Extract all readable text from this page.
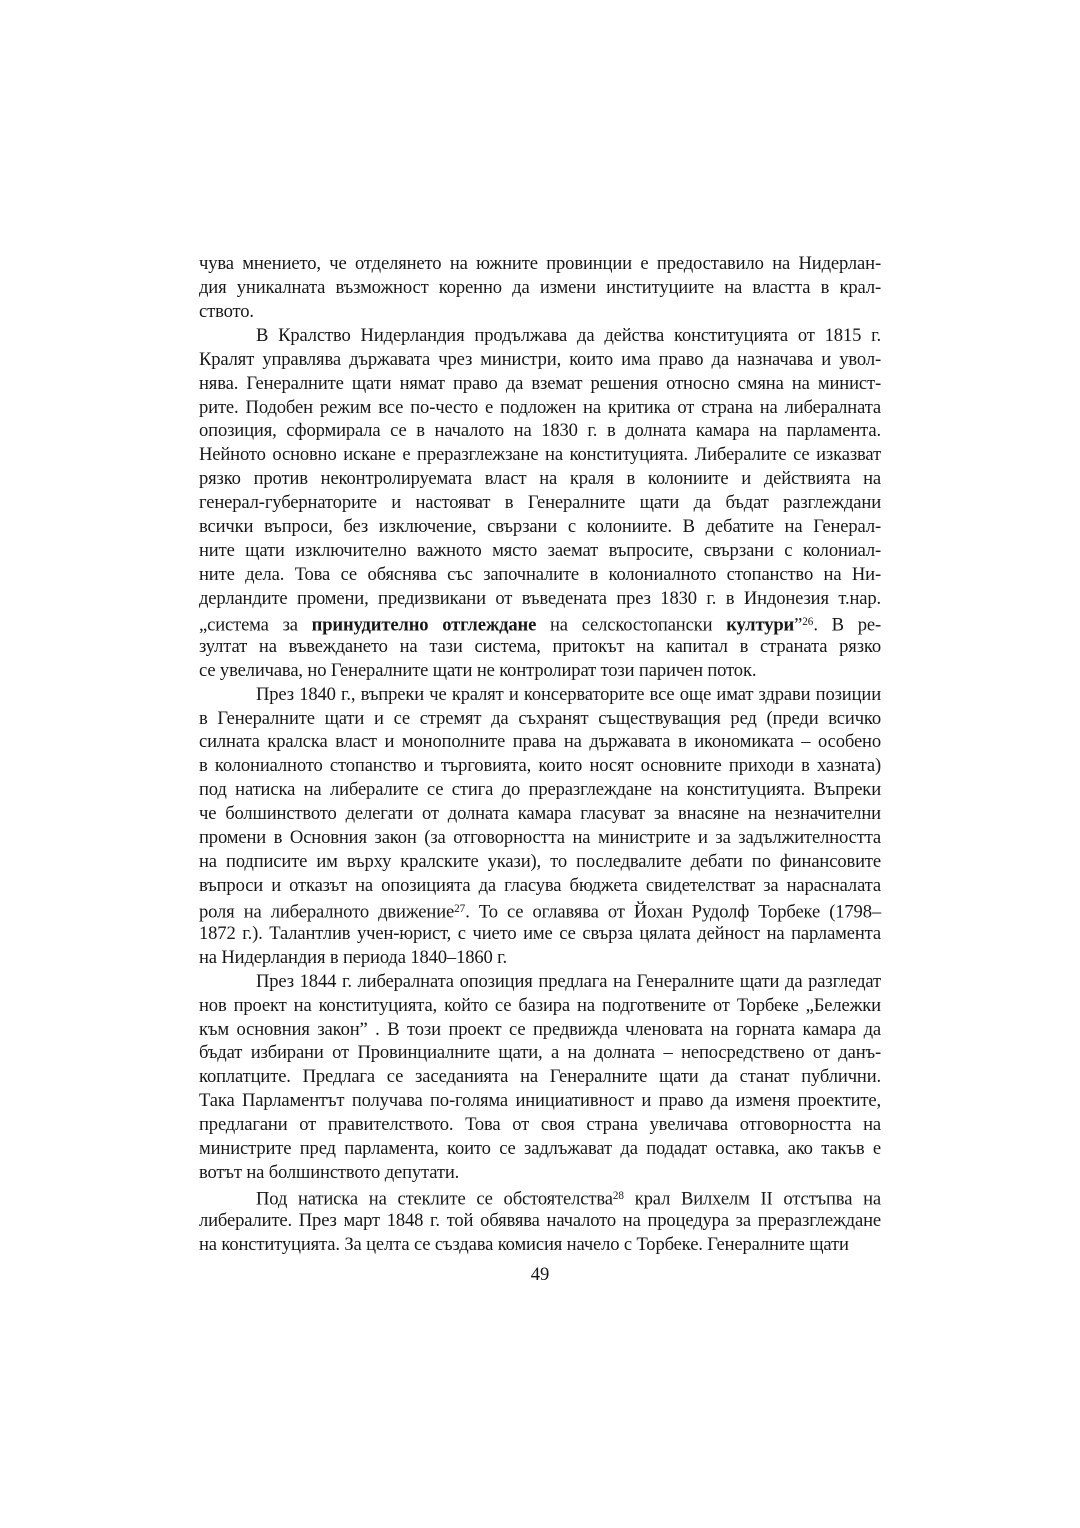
чува мнението, че отделянето на южните провинции е предоставило на Нидерлан-
дия уникалната възможност коренно да измени институциите на властта в крал-
ството.
В Кралство Нидерландия продължава да действа конституцията от 1815 г.
Кралят управлява държавата чрез министри, които има право да назначава и увол-
нява. Генералните щати нямат право да вземат решения относно смяна на минист-
рите. Подобен режим все по-често е подложен на критика от страна на либералната
опозиция, сформирала се в началото на 1830 г. в долната камара на парламента.
Нейното основно искане е преразглежзане на конституцията. Либералите се изказват
рязко против неконтролируемата власт на краля в колониите и действията на
генерал-губернаторите и настояват в Генералните щати да бъдат разглеждани
всички въпроси, без изключение, свързани с колониите. В дебатите на Генерал-
ните щати изключително важното място заемат въпросите, свързани с колониал-
ните дела. Това се обяснява със започналите в колониалното стопанство на Ни-
дерландите промени, предизвикани от въведената през 1830 г. в Индонезия т.нар.
„система за принудително отглеждане на селскостопански култури”$^{26}$. В ре-
зултат на въвеждането на тази система, притокът на капитал в страната рязко
се увеличава, но Генералните щати не контролират този паричен поток.
През 1840 г., въпреки че кралят и консерваторите все още имат здрави позиции
в Генералните щати и се стремят да съхранят съществуващия ред (преди всичко
силната кралска власт и монополните права на държавата в икономиката – особено
в колониалното стопанство и търговията, които носят основните приходи в хазната)
под натиска на либералите се стига до преразглеждане на конституцията. Въпреки
че болшинството делегати от долната камара гласуват за внасяне на незначителни
промени в Основния закон (за отговорността на министрите и за задължителността
на подписите им върху кралските укази), то последвалите дебати по финансовите
въпроси и отказът на опозицията да гласува бюджета свидетелстват за нарасналата
роля на либералното движение$^{27}$. То се оглавява от Йохан Рудолф Торбеке (1798–
1872 г.). Талантлив учен-юрист, с чието име се свърза цялата дейност на парламента
на Нидерландия в периода 1840–1860 г.
През 1844 г. либералната опозиция предлага на Генералните щати да разгледат
нов проект на конституцията, който се базира на подготвените от Торбеке „Бележки
към основния закон” . В този проект се предвижда членовата на горната камара да
бъдат избирани от Провинциалните щати, а на долната – непосредствено от данъ-
коплатците. Предлага се заседанията на Генералните щати да станат публични.
Така Парламентът получава по-голяма инициативност и право да изменя проектите,
предлагани от правителството. Това от своя страна увеличава отговорността на
министрите пред парламента, които се задлъжават да подадат оставка, ако такъв е
вотът на болшинството депутати.
Под натиска на стеклите се обстоятелства$^{28}$ крал Вилхелм II отстъпва на
либералите. През март 1848 г. той обявява началото на процедура за преразглеждане
на конституцията. За целта се създава комисия начело с Торбеке. Генералните щати
49
